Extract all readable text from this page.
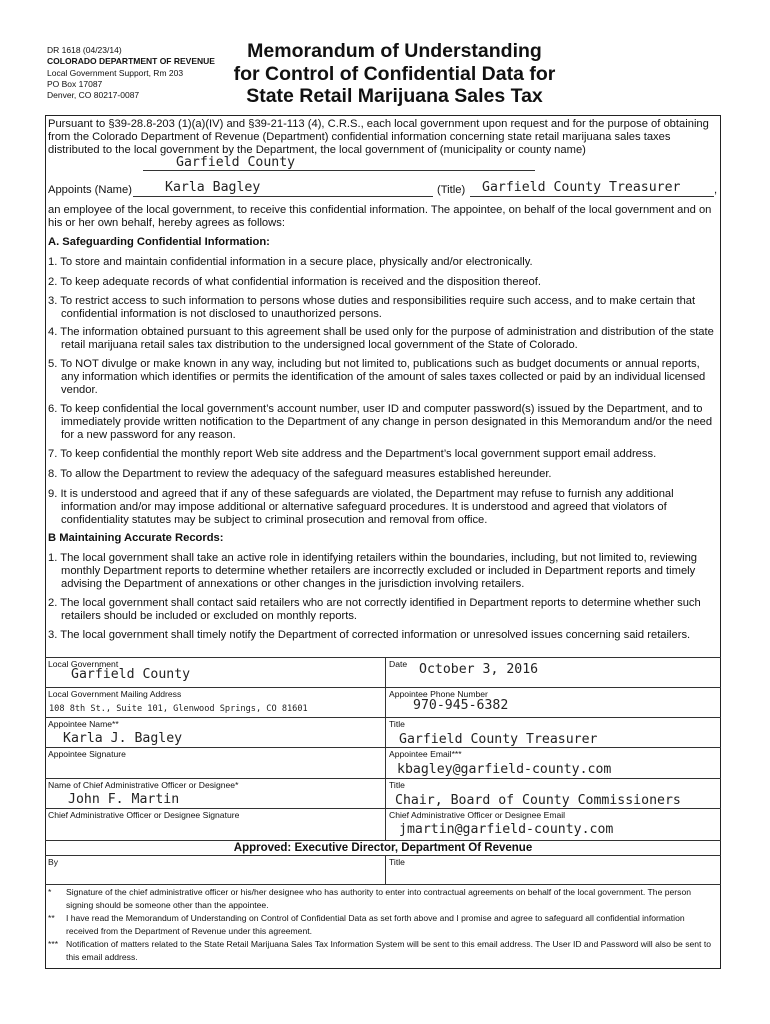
DR 1618 (04/23/14)
COLORADO DEPARTMENT OF REVENUE
Local Government Support, Rm 203
PO Box 17087
Denver, CO 80217-0087
Memorandum of Understanding
for Control of Confidential Data for
State Retail Marijuana Sales Tax
Pursuant to §39-28.8-203 (1)(a)(IV) and §39-21-113 (4), C.R.S., each local government upon request and for the purpose of obtaining from the Colorado Department of Revenue (Department) confidential information concerning state retail marijuana sales taxes distributed to the local government by the Department, the local government of (municipality or county name)
Garfield County
Appoints (Name)	Karla Bagley	(Title)	Garfield County Treasurer	,
an employee of the local government, to receive this confidential information. The appointee, on behalf of the local government and on his or her own behalf, hereby agrees as follows:
A. Safeguarding Confidential Information:
1. To store and maintain confidential information in a secure place, physically and/or electronically.
2. To keep adequate records of what confidential information is received and the disposition thereof.
3. To restrict access to such information to persons whose duties and responsibilities require such access, and to make certain that confidential information is not disclosed to unauthorized persons.
4. The information obtained pursuant to this agreement shall be used only for the purpose of administration and distribution of the state retail marijuana retail sales tax distribution to the undersigned local government of the State of Colorado.
5. To NOT divulge or make known in any way, including but not limited to, publications such as budget documents or annual reports, any information which identifies or permits the identification of the amount of sales taxes collected or paid by an individual licensed vendor.
6. To keep confidential the local government’s account number, user ID and computer password(s) issued by the Department, and to immediately provide written notification to the Department of any change in person designated in this Memorandum and/or the need for a new password for any reason.
7. To keep confidential the monthly report Web site address and the Department’s local government support email address.
8. To allow the Department to review the adequacy of the safeguard measures established hereunder.
9. It is understood and agreed that if any of these safeguards are violated, the Department may refuse to furnish any additional information and/or may impose additional or alternative safeguard procedures. It is understood and agreed that violators of confidentiality statutes may be subject to criminal prosecution and removal from office.
B Maintaining Accurate Records:
1. The local government shall take an active role in identifying retailers within the boundaries, including, but not limited to, reviewing monthly Department reports to determine whether retailers are incorrectly excluded or included in Department reports and timely advising the Department of annexations or other changes in the jurisdiction involving retailers.
2. The local government shall contact said retailers who are not correctly identified in Department reports to determine whether such retailers should be included or excluded on monthly reports.
3. The local government shall timely notify the Department of corrected information or unresolved issues concerning said retailers.
Local Government
Garfield County
Date October 3, 2016
Local Government Mailing Address
108 8th St., Suite 101, Glenwood Springs, CO 81601
Appointee Phone Number
970-945-6382
Appointee Name**
Karla J. Bagley
Title
Garfield County Treasurer
Appointee Signature	Appointee Email***
kbagley@garfield-county.com
Name of Chief Administrative Officer or Designee*
John F. Martin
Title
Chair, Board of County Commissioners
Chief Administrative Officer or Designee Signature	Chief Administrative Officer or Designee Email
jmartin@garfield-county.com
Approved: Executive Director, Department Of Revenue
By	Title
* Signature of the chief administrative officer or his/her designee who has authority to enter into contractual agreements on behalf of the local government. The person signing should be someone other than the appointee.
** I have read the Memorandum of Understanding on Control of Confidential Data as set forth above and I promise and agree to safeguard all confidential information received from the Department of Revenue under this agreement.
*** Notification of matters related to the State Retail Marijuana Sales Tax Information System will be sent to this email address. The User ID and Password will also be sent to this email address.
